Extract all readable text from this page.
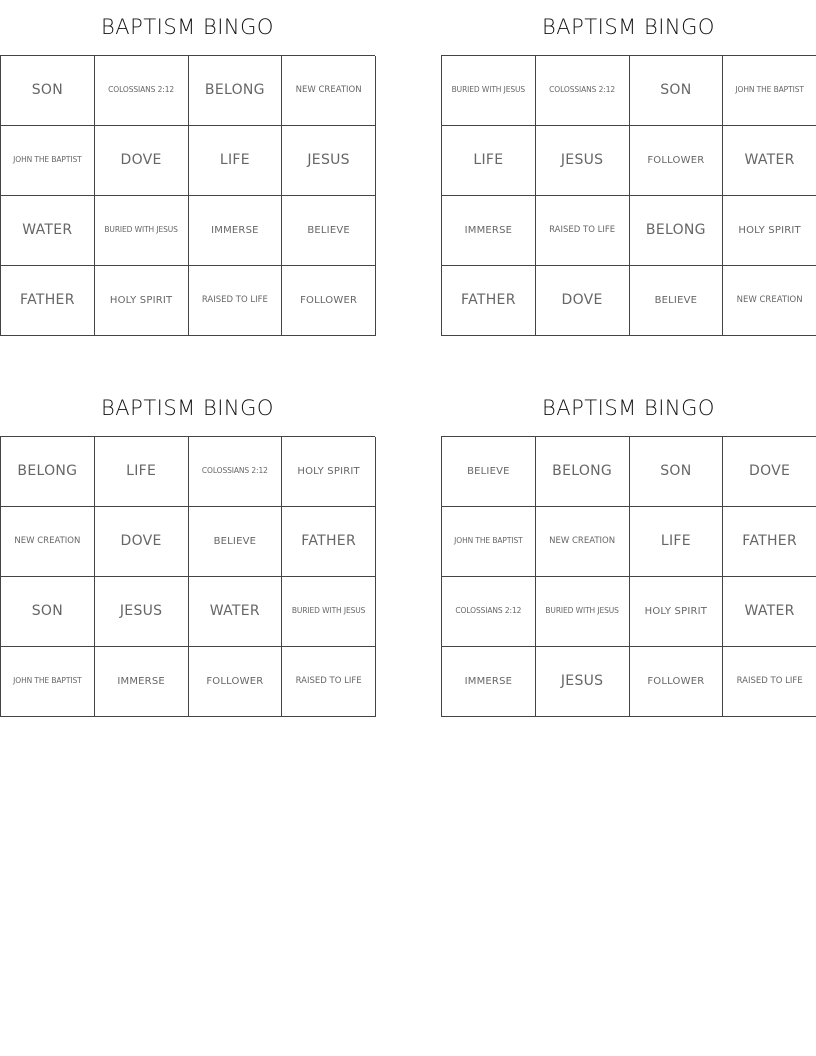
BAPTISM BINGO
SON	COLOSSIANS 2:12	BELONG	NEW CREATION
JOHN THE BAPTIST	DOVE	LIFE	JESUS
WATER	BURIED WITH JESUS	IMMERSE	BELIEVE
FATHER	HOLY SPIRIT	RAISED TO LIFE	FOLLOWER
BAPTISM BINGO
BURIED WITH JESUS	COLOSSIANS 2:12	SON	JOHN THE BAPTIST
LIFE	JESUS	FOLLOWER	WATER
IMMERSE	RAISED TO LIFE	BELONG	HOLY SPIRIT
FATHER	DOVE	BELIEVE	NEW CREATION
BAPTISM BINGO
BELONG	LIFE	COLOSSIANS 2:12	HOLY SPIRIT
NEW CREATION	DOVE	BELIEVE	FATHER
SON	JESUS	WATER	BURIED WITH JESUS
JOHN THE BAPTIST	IMMERSE	FOLLOWER	RAISED TO LIFE
BAPTISM BINGO
BELIEVE	BELONG	SON	DOVE
JOHN THE BAPTIST	NEW CREATION	LIFE	FATHER
COLOSSIANS 2:12	BURIED WITH JESUS	HOLY SPIRIT	WATER
IMMERSE	JESUS	FOLLOWER	RAISED TO LIFE
